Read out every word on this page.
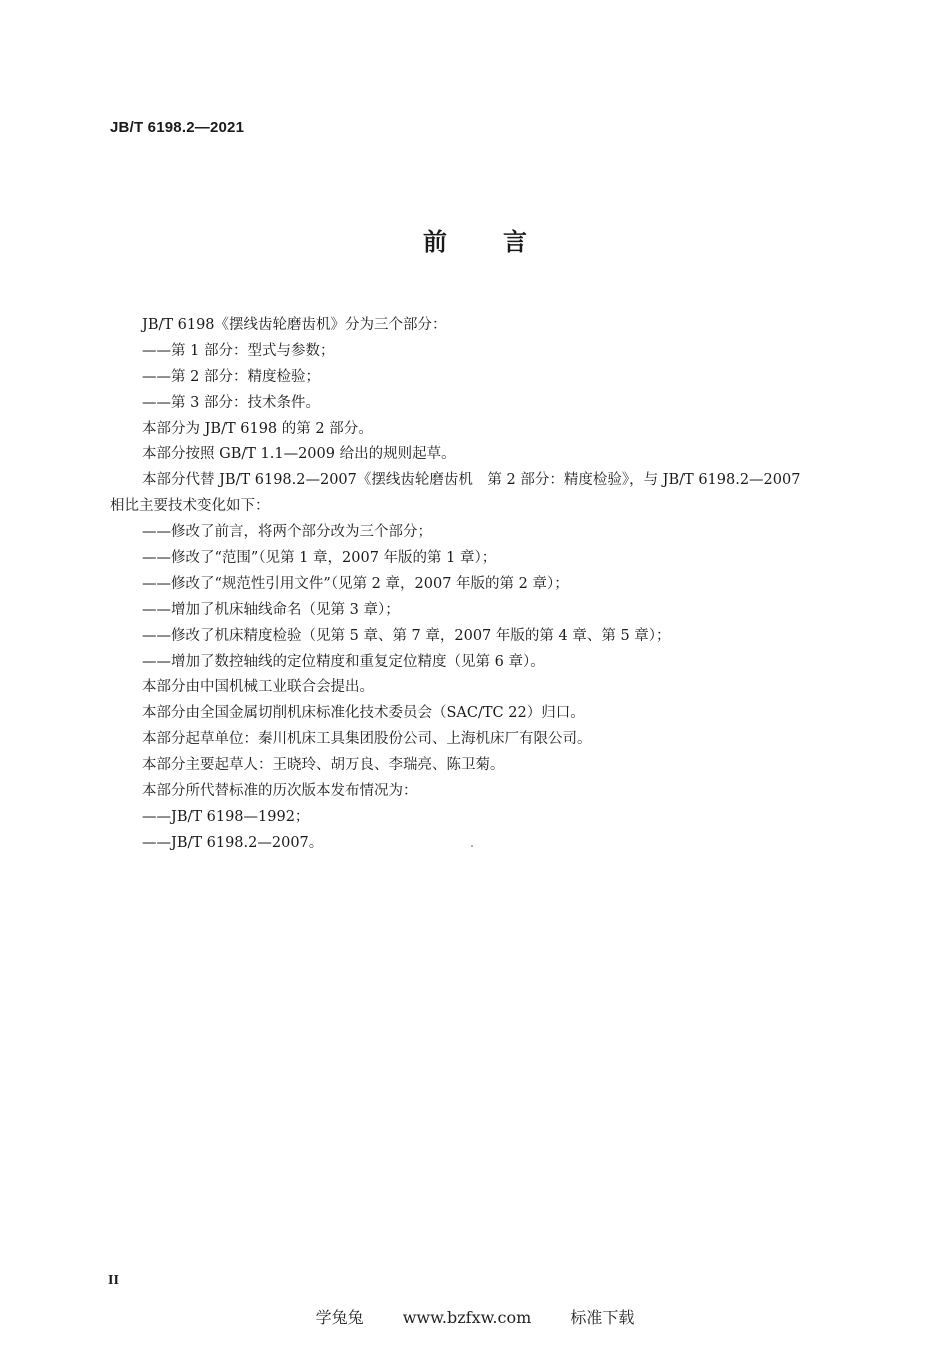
JB/T 6198.2—2021
前言
JB/T 6198《摆线齿轮磨齿机》分为三个部分：
——第 1 部分：型式与参数；
——第 2 部分：精度检验；
——第 3 部分：技术条件。
本部分为 JB/T 6198 的第 2 部分。
本部分按照 GB/T 1.1—2009 给出的规则起草。
本部分代替 JB/T 6198.2—2007《摆线齿轮磨齿机　第 2 部分：精度检验》，与 JB/T 6198.2—2007
相比主要技术变化如下：
——修改了前言，将两个部分改为三个部分；
——修改了“范围”（见第 1 章，2007 年版的第 1 章）；
——修改了“规范性引用文件”（见第 2 章，2007 年版的第 2 章）；
——增加了机床轴线命名（见第 3 章）；
——修改了机床精度检验（见第 5 章、第 7 章，2007 年版的第 4 章、第 5 章）；
——增加了数控轴线的定位精度和重复定位精度（见第 6 章）。
本部分由中国机械工业联合会提出。
本部分由全国金属切削机床标准化技术委员会（SAC/TC 22）归口。
本部分起草单位：秦川机床工具集团股份公司、上海机床厂有限公司。
本部分主要起草人：王晓玲、胡万良、李瑞亮、陈卫菊。
本部分所代替标准的历次版本发布情况为：
——JB/T 6198—1992；
——JB/T 6198.2—2007。
II
学兔兔 www.bzfxw.com 标准下载
